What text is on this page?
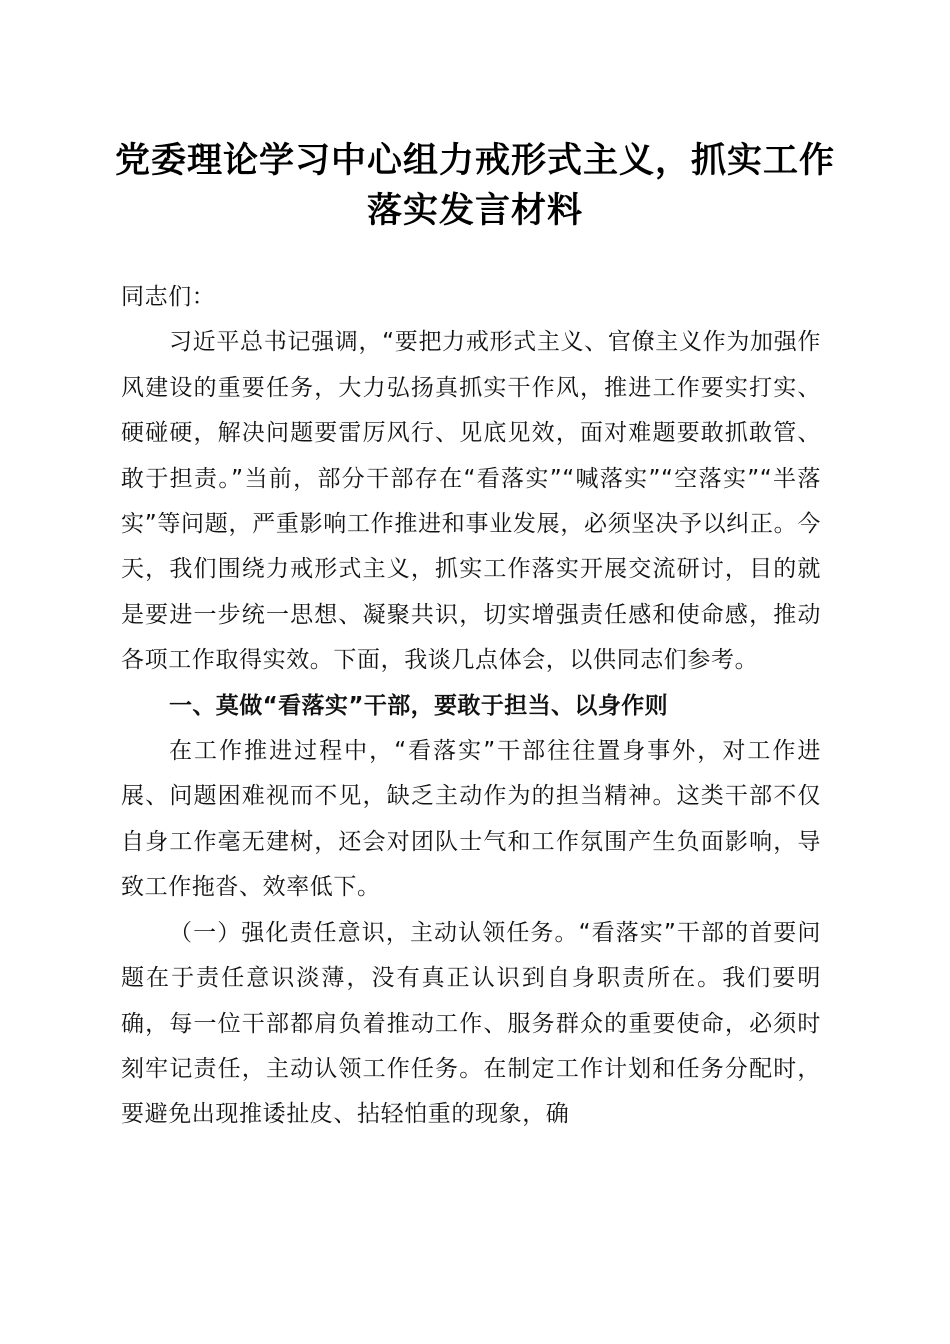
党委理论学习中心组力戒形式主义，抓实工作
落实发言材料

同志们：

习近平总书记强调，“要把力戒形式主义、官僚主义作为加强作风建设的重要任务，大力弘扬真抓实干作风，推进工作要实打实、硬碰硬，解决问题要雷厉风行、见底见效，面对难题要敢抓敢管、敢于担责。”当前，部分干部存在“看落实”“喊落实”“空落实”“半落实”等问题，严重影响工作推进和事业发展，必须坚决予以纠正。今天，我们围绕力戒形式主义，抓实工作落实开展交流研讨，目的就是要进一步统一思想、凝聚共识，切实增强责任感和使命感，推动各项工作取得实效。下面，我谈几点体会，以供同志们参考。

一、莫做“看落实”干部，要敢于担当、以身作则

在工作推进过程中，“看落实”干部往往置身事外，对工作进展、问题困难视而不见，缺乏主动作为的担当精神。这类干部不仅自身工作毫无建树，还会对团队士气和工作氛围产生负面影响，导致工作拖沓、效率低下。

（一）强化责任意识，主动认领任务。“看落实”干部的首要问题在于责任意识淡薄，没有真正认识到自身职责所在。我们要明确，每一位干部都肩负着推动工作、服务群众的重要使命，必须时刻牢记责任，主动认领工作任务。在制定工作计划和任务分配时，要避免出现推诿扯皮、拈轻怕重的现象，确
